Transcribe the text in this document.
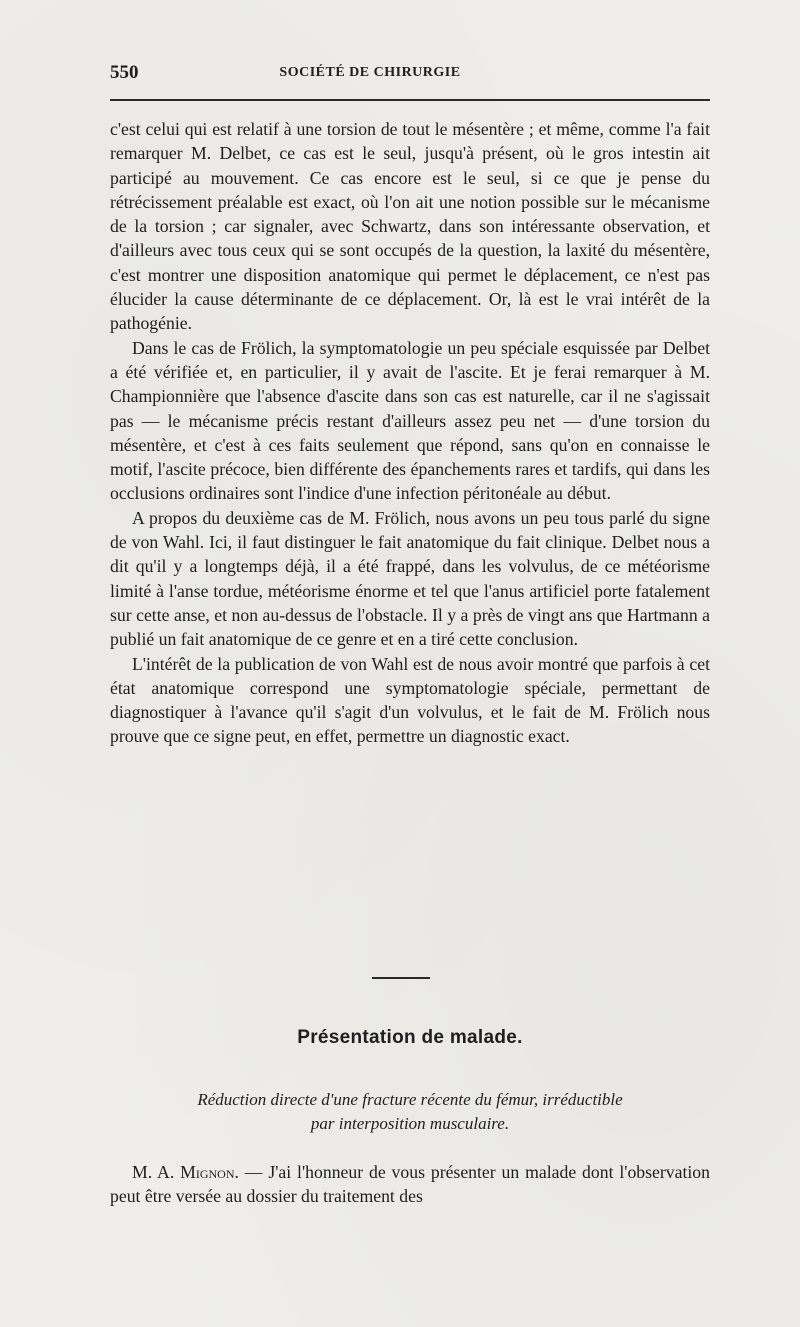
550	SOCIÉTÉ DE CHIRURGIE

c'est celui qui est relatif à une torsion de tout le mésentère ; et même, comme l'a fait remarquer M. Delbet, ce cas est le seul, jusqu'à présent, où le gros intestin ait participé au mouvement. Ce cas encore est le seul, si ce que je pense du rétrécissement préalable est exact, où l'on ait une notion possible sur le mécanisme de la torsion ; car signaler, avec Schwartz, dans son intéressante observation, et d'ailleurs avec tous ceux qui se sont occupés de la question, la laxité du mésentère, c'est montrer une disposition anatomique qui permet le déplacement, ce n'est pas élucider la cause déterminante de ce déplacement. Or, là est le vrai intérêt de la pathogénie.

Dans le cas de Frölich, la symptomatologie un peu spéciale esquissée par Delbet a été vérifiée et, en particulier, il y avait de l'ascite. Et je ferai remarquer à M. Championnière que l'absence d'ascite dans son cas est naturelle, car il ne s'agissait pas — le mécanisme précis restant d'ailleurs assez peu net — d'une torsion du mésentère, et c'est à ces faits seulement que répond, sans qu'on en connaisse le motif, l'ascite précoce, bien différente des épanchements rares et tardifs, qui dans les occlusions ordinaires sont l'indice d'une infection péritonéale au début.

A propos du deuxième cas de M. Frölich, nous avons un peu tous parlé du signe de von Wahl. Ici, il faut distinguer le fait anatomique du fait clinique. Delbet nous a dit qu'il y a longtemps déjà, il a été frappé, dans les volvulus, de ce météorisme limité à l'anse tordue, météorisme énorme et tel que l'anus artificiel porte fatalement sur cette anse, et non au-dessus de l'obstacle. Il y a près de vingt ans que Hartmann a publié un fait anatomique de ce genre et en a tiré cette conclusion.

L'intérêt de la publication de von Wahl est de nous avoir montré que parfois à cet état anatomique correspond une symptomatologie spéciale, permettant de diagnostiquer à l'avance qu'il s'agit d'un volvulus, et le fait de M. Frölich nous prouve que ce signe peut, en effet, permettre un diagnostic exact.

Présentation de malade.
Réduction directe d'une fracture récente du fémur, irréductible
par interposition musculaire.

M. A. Mignon. — J'ai l'honneur de vous présenter un malade dont l'observation peut être versée au dossier du traitement des
